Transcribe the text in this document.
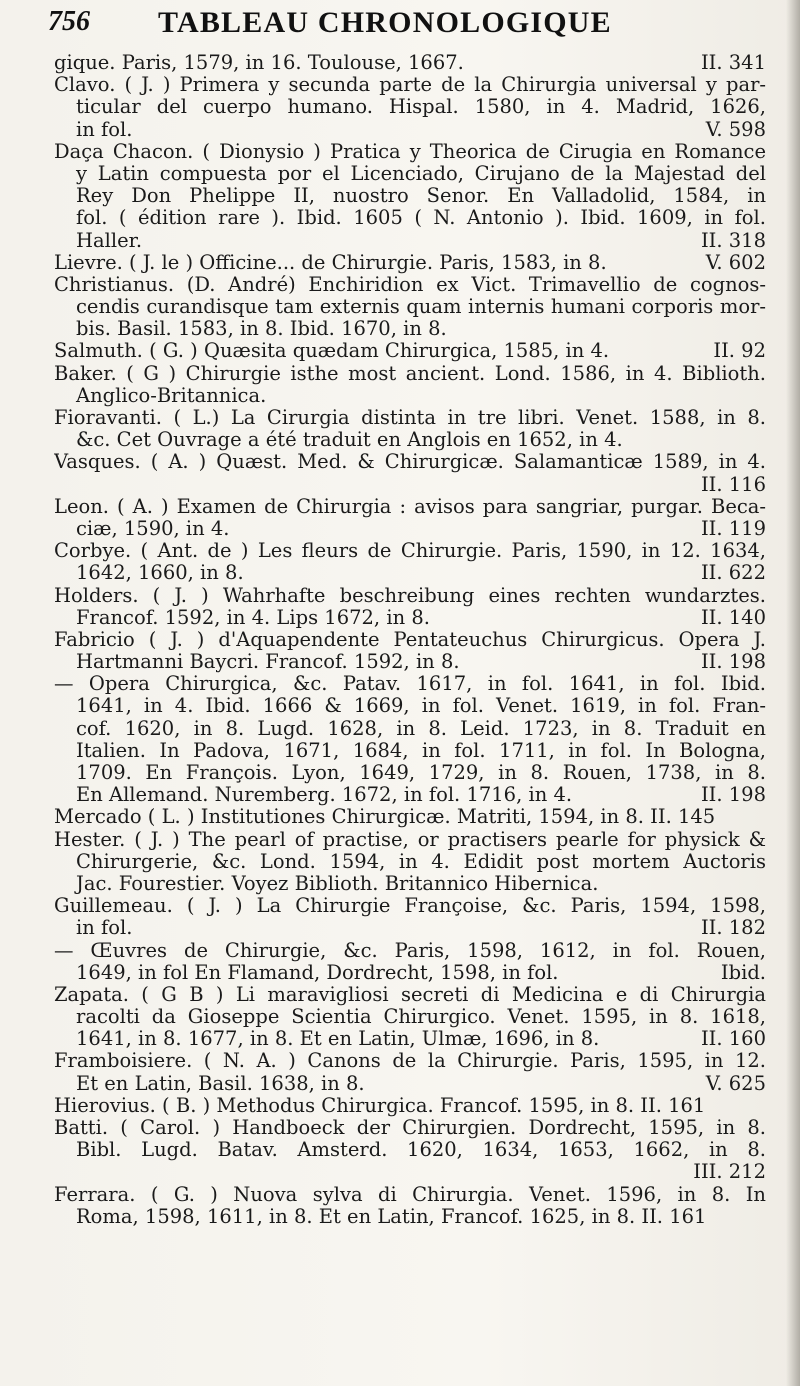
756 TABLEAU CHRONOLOGIQUE
II. 341
gique. Paris, 1579, in 16. Toulouse, 1667.
Clavo. ( J. ) Primera y secunda parte de la Chirurgia universal y par-
ticular del cuerpo humano. Hispal. 1580, in 4. Madrid, 1626,
V. 598
in fol.
Daça Chacon. ( Dionysio ) Pratica y Theorica de Cirugia en Romance
y Latin compuesta por el Licenciado, Cirujano de la Majestad del
Rey Don Phelippe II, nuostro Senor. En Valladolid, 1584, in
fol. ( édition rare ). Ibid. 1605 ( N. Antonio ). Ibid. 1609, in fol.
II. 318
Haller.
V. 602
Lievre. ( J. le ) Officine... de Chirurgie. Paris, 1583, in 8.
Christianus. (D. André) Enchiridion ex Vict. Trimavellio de cognos-
cendis curandisque tam externis quam internis humani corporis mor-
bis. Basil. 1583, in 8. Ibid. 1670, in 8.
II. 92
Salmuth. ( G. ) Quæsita quædam Chirurgica, 1585, in 4.
Baker. ( G ) Chirurgie isthe most ancient. Lond. 1586, in 4. Biblioth.
Anglico-Britannica.
Fioravanti. ( L.) La Cirurgia distinta in tre libri. Venet. 1588, in 8.
&c. Cet Ouvrage a été traduit en Anglois en 1652, in 4.
Vasques. ( A. ) Quæst. Med. & Chirurgicæ. Salamanticæ 1589, in 4.
II. 116
Leon. ( A. ) Examen de Chirurgia : avisos para sangriar, purgar. Beca-
II. 119
ciæ, 1590, in 4.
Corbye. ( Ant. de ) Les fleurs de Chirurgie. Paris, 1590, in 12. 1634,
II. 622
1642, 1660, in 8.
Holders. ( J. ) Wahrhafte beschreibung eines rechten wundarztes.
II. 140
Francof. 1592, in 4. Lips 1672, in 8.
Fabricio ( J. ) d'Aquapendente Pentateuchus Chirurgicus. Opera J.
II. 198
Hartmanni Baycri. Francof. 1592, in 8.
— Opera Chirurgica, &c. Patav. 1617, in fol. 1641, in fol. Ibid.
1641, in 4. Ibid. 1666 & 1669, in fol. Venet. 1619, in fol. Fran-
cof. 1620, in 8. Lugd. 1628, in 8. Leid. 1723, in 8. Traduit en
Italien. In Padova, 1671, 1684, in fol. 1711, in fol. In Bologna,
1709. En François. Lyon, 1649, 1729, in 8. Rouen, 1738, in 8.
II. 198
En Allemand. Nuremberg. 1672, in fol. 1716, in 4.
Mercado ( L. ) Institutiones Chirurgicæ. Matriti, 1594, in 8. II. 145
Hester. ( J. ) The pearl of practise, or practisers pearle for physick &
Chirurgerie, &c. Lond. 1594, in 4. Edidit post mortem Auctoris
Jac. Fourestier. Voyez Biblioth. Britannico Hibernica.
Guillemeau. ( J. ) La Chirurgie Françoise, &c. Paris, 1594, 1598,
II. 182
in fol.
— Œuvres de Chirurgie, &c. Paris, 1598, 1612, in fol. Rouen,
Ibid.
1649, in fol En Flamand, Dordrecht, 1598, in fol.
Zapata. ( G B ) Li maravigliosi secreti di Medicina e di Chirurgia
racolti da Gioseppe Scientia Chirurgico. Venet. 1595, in 8. 1618,
II. 160
1641, in 8. 1677, in 8. Et en Latin, Ulmæ, 1696, in 8.
Framboisiere. ( N. A. ) Canons de la Chirurgie. Paris, 1595, in 12.
V. 625
Et en Latin, Basil. 1638, in 8.
Hierovius. ( B. ) Methodus Chirurgica. Francof. 1595, in 8. II. 161
Batti. ( Carol. ) Handboeck der Chirurgien. Dordrecht, 1595, in 8.
Bibl. Lugd. Batav. Amsterd. 1620, 1634, 1653, 1662, in 8.
III. 212
Ferrara. ( G. ) Nuova sylva di Chirurgia. Venet. 1596, in 8. In
Roma, 1598, 1611, in 8. Et en Latin, Francof. 1625, in 8. II. 161
